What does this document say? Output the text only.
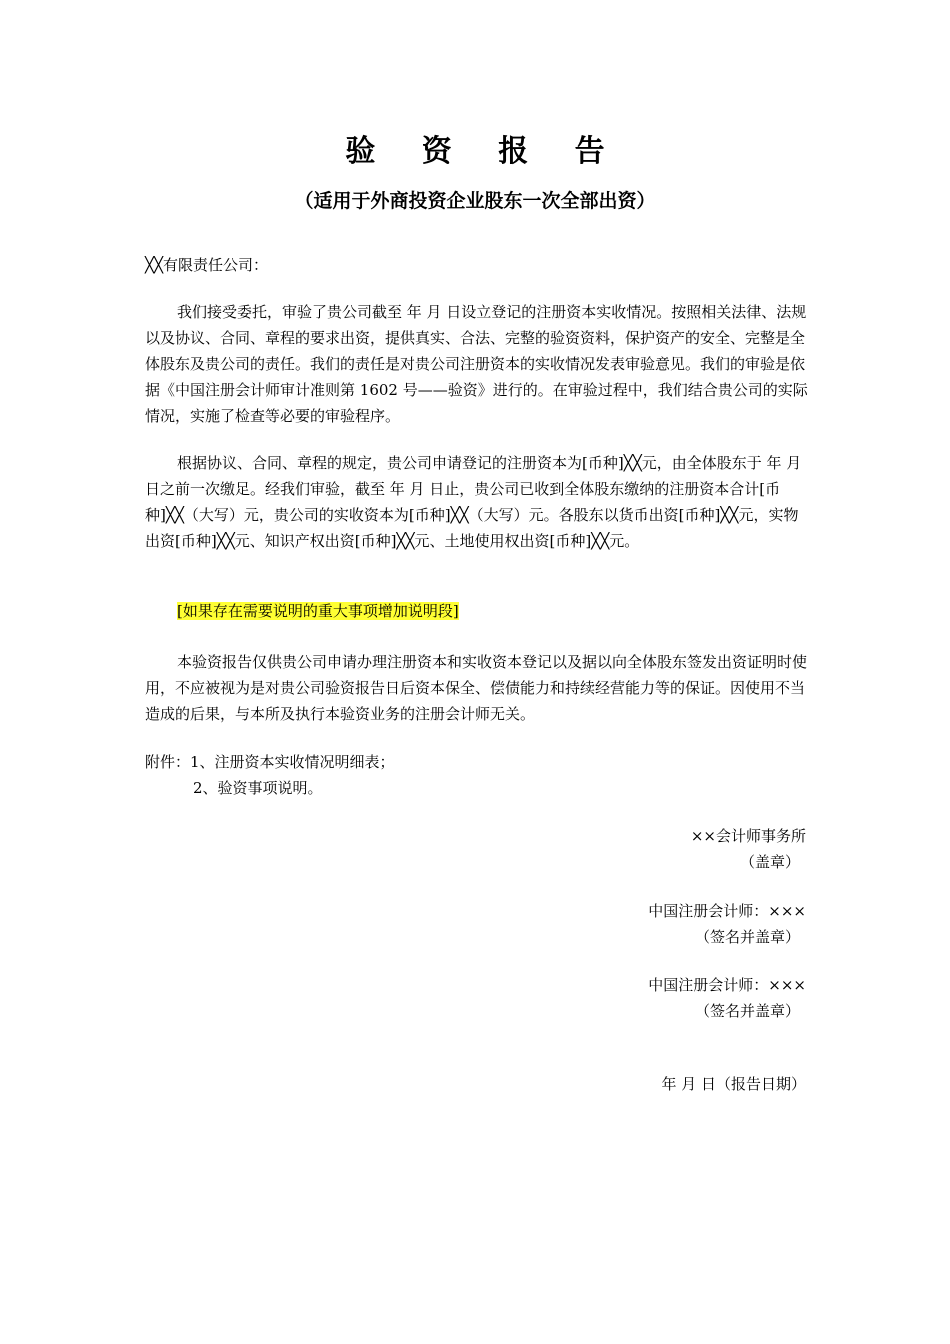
验 资 报 告
（适用于外商投资企业股东一次全部出资）
╳╳有限责任公司：
我们接受委托，审验了贵公司截至 年 月 日设立登记的注册资本实收情况。按照相关法律、法规以及协议、合同、章程的要求出资，提供真实、合法、完整的验资资料，保护资产的安全、完整是全体股东及贵公司的责任。我们的责任是对贵公司注册资本的实收情况发表审验意见。我们的审验是依据《中国注册会计师审计准则第 1602 号——验资》进行的。在审验过程中，我们结合贵公司的实际情况，实施了检查等必要的审验程序。
根据协议、合同、章程的规定，贵公司申请登记的注册资本为[币种]╳╳元，由全体股东于 年 月 日之前一次缴足。经我们审验，截至 年 月 日止，贵公司已收到全体股东缴纳的注册资本合计[币种]╳╳（大写）元，贵公司的实收资本为[币种]╳╳（大写）元。各股东以货币出资[币种]╳╳元，实物出资[币种]╳╳元、知识产权出资[币种]╳╳元、土地使用权出资[币种]╳╳元。
[如果存在需要说明的重大事项增加说明段]
本验资报告仅供贵公司申请办理注册资本和实收资本登记以及据以向全体股东签发出资证明时使用，不应被视为是对贵公司验资报告日后资本保全、偿债能力和持续经营能力等的保证。因使用不当造成的后果，与本所及执行本验资业务的注册会计师无关。
附件：1、注册资本实收情况明细表；
2、验资事项说明。
××会计师事务所
（盖章）
中国注册会计师：×××
（签名并盖章）
中国注册会计师：×××
（签名并盖章）
年 月 日（报告日期）
